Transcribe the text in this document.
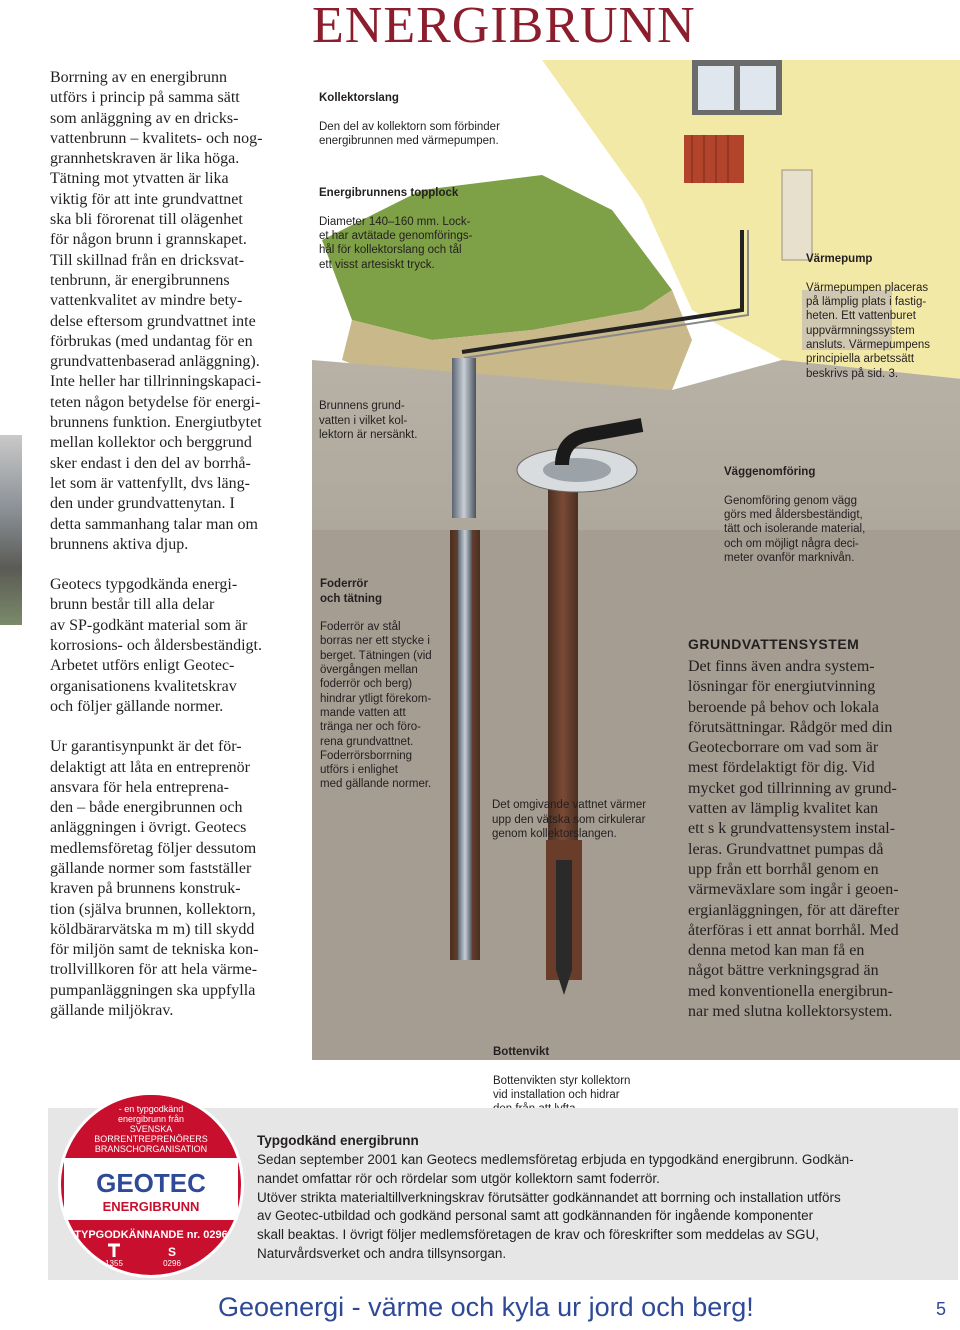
ENERGIBRUNN

Borrning av en energibrunn
utförs i princip på samma sätt
som anläggning av en dricks-
vattenbrunn – kvalitets- och nog-
grannhetskraven är lika höga.
Tätning mot ytvatten är lika
viktig för att inte grundvattnet
ska bli förorenat till olägenhet
för någon brunn i grannskapet.
Till skillnad från en dricksvat-
tenbrunn, är energibrunnens
vattenkvalitet av mindre bety-
delse eftersom grundvattnet inte
förbrukas (med undantag för en
grundvattenbaserad anläggning).
Inte heller har tillrinningskapaci-
teten någon betydelse för energi-
brunnens funktion. Energiutbytet
mellan kollektor och berggrund
sker endast i den del av borrhå-
let som är vattenfyllt, dvs läng-
den under grundvattenytan. I
detta sammanhang talar man om
brunnens aktiva djup.

Geotecs typgodkända energi-
brunn består till alla delar
av SP-godkänt material som är
korrosions- och åldersbeständigt.
Arbetet utförs enligt Geotec-
organisationens kvalitetskrav
och följer gällande normer.

Ur garantisynpunkt är det för-
delaktigt att låta en entreprenör
ansvara för hela entreprena-
den – både energibrunnen och
anläggningen i övrigt. Geotecs
medlemsföretag följer dessutom
gällande normer som fastställer
kraven på brunnens konstruk-
tion (själva brunnen, kollektorn,
köldbärarvätska m m) till skydd
för miljön samt de tekniska kon-
trollvillkoren för att hela värme-
pumpanläggningen ska uppfylla
gällande miljökrav.

Kollektorslang

Den del av kollektorn som förbinder
energibrunnen med värmepumpen.

Energibrunnens topplock

Diameter 140–160 mm. Lock-
et har avtätade genomförings-
hål för kollektorslang och tål
ett visst artesiskt tryck.	Värmepump

Värmepumpen placeras
på lämplig plats i fastig-
heten. Ett vattenburet
uppvärmningssystem
ansluts. Värmepumpens
principiella arbetssätt
beskrivs på sid. 3.

Brunnens grund-
vatten i vilket kol-
lektorn är nersänkt.

Väggenomföring

Genomföring genom vägg
görs med åldersbeständigt,
tätt och isolerande material,
och om möjligt några deci-
meter ovanför marknivån.

Foderrör
och tätning

Foderrör av stål
borras ner ett stycke i
berget. Tätningen (vid
övergången mellan
foderrör och berg)
hindrar ytligt förekom-
mande vatten att
tränga ner och föro-
rena grundvattnet.
Foderrörsborrning
utförs i enlighet
med gällande normer.

Det omgivande vattnet värmer
upp den vätska som cirkulerar
genom kollektorslangen.

Bottenvikt

Bottenvikten styr kollektorn
vid installation och hidrar

GRUNDVATTENSYSTEM

Det finns även andra system-
lösningar för energiutvinning
beroende på behov och lokala
förutsättningar. Rådgör med din
Geotecborrare om vad som är
mest fördelaktigt för dig. Vid
mycket god tillrinning av grund-
vatten av lämplig kvalitet kan
ett s k grundvattensystem instal-
leras. Grundvattnet pumpas då
upp från ett borrhål genom en
värmeväxlare som ingår i geoen-
ergianläggningen, för att därefter
återföras i ett annat borrhål. Med
denna metod kan man få en
något bättre verkningsgrad än
med konventionella energibrun-
nar med slutna kollektorsystem.

- en typgodkänd
energibrunn från
SVENSKA
BORRENTREPRENÖRERS
BRANSCHORGANISATION
GEOTEC
ENERGIBRUNN
TYPGODKÄNNANDE nr. 0296
1355	0296
S
Typgodkänd energibrunn
Sedan september 2001 kan Geotecs medlemsföretag erbjuda en typgodkänd energibrunn. Godkän-
nandet omfattar rör och rördelar som utgör kollektorn samt foderrör.
Utöver strikta materialtillverkningskrav förutsätter godkännandet att borrning och installation utförs
av Geotec-utbildad och godkänd personal samt att godkännanden för ingående komponenter
skall beaktas. I övrigt följer medlemsföretagen de krav och föreskrifter som meddelas av SGU,
Naturvårdsverket och andra tillsynsorgan.
Geoenergi - värme och kyla ur jord och berg!	5
